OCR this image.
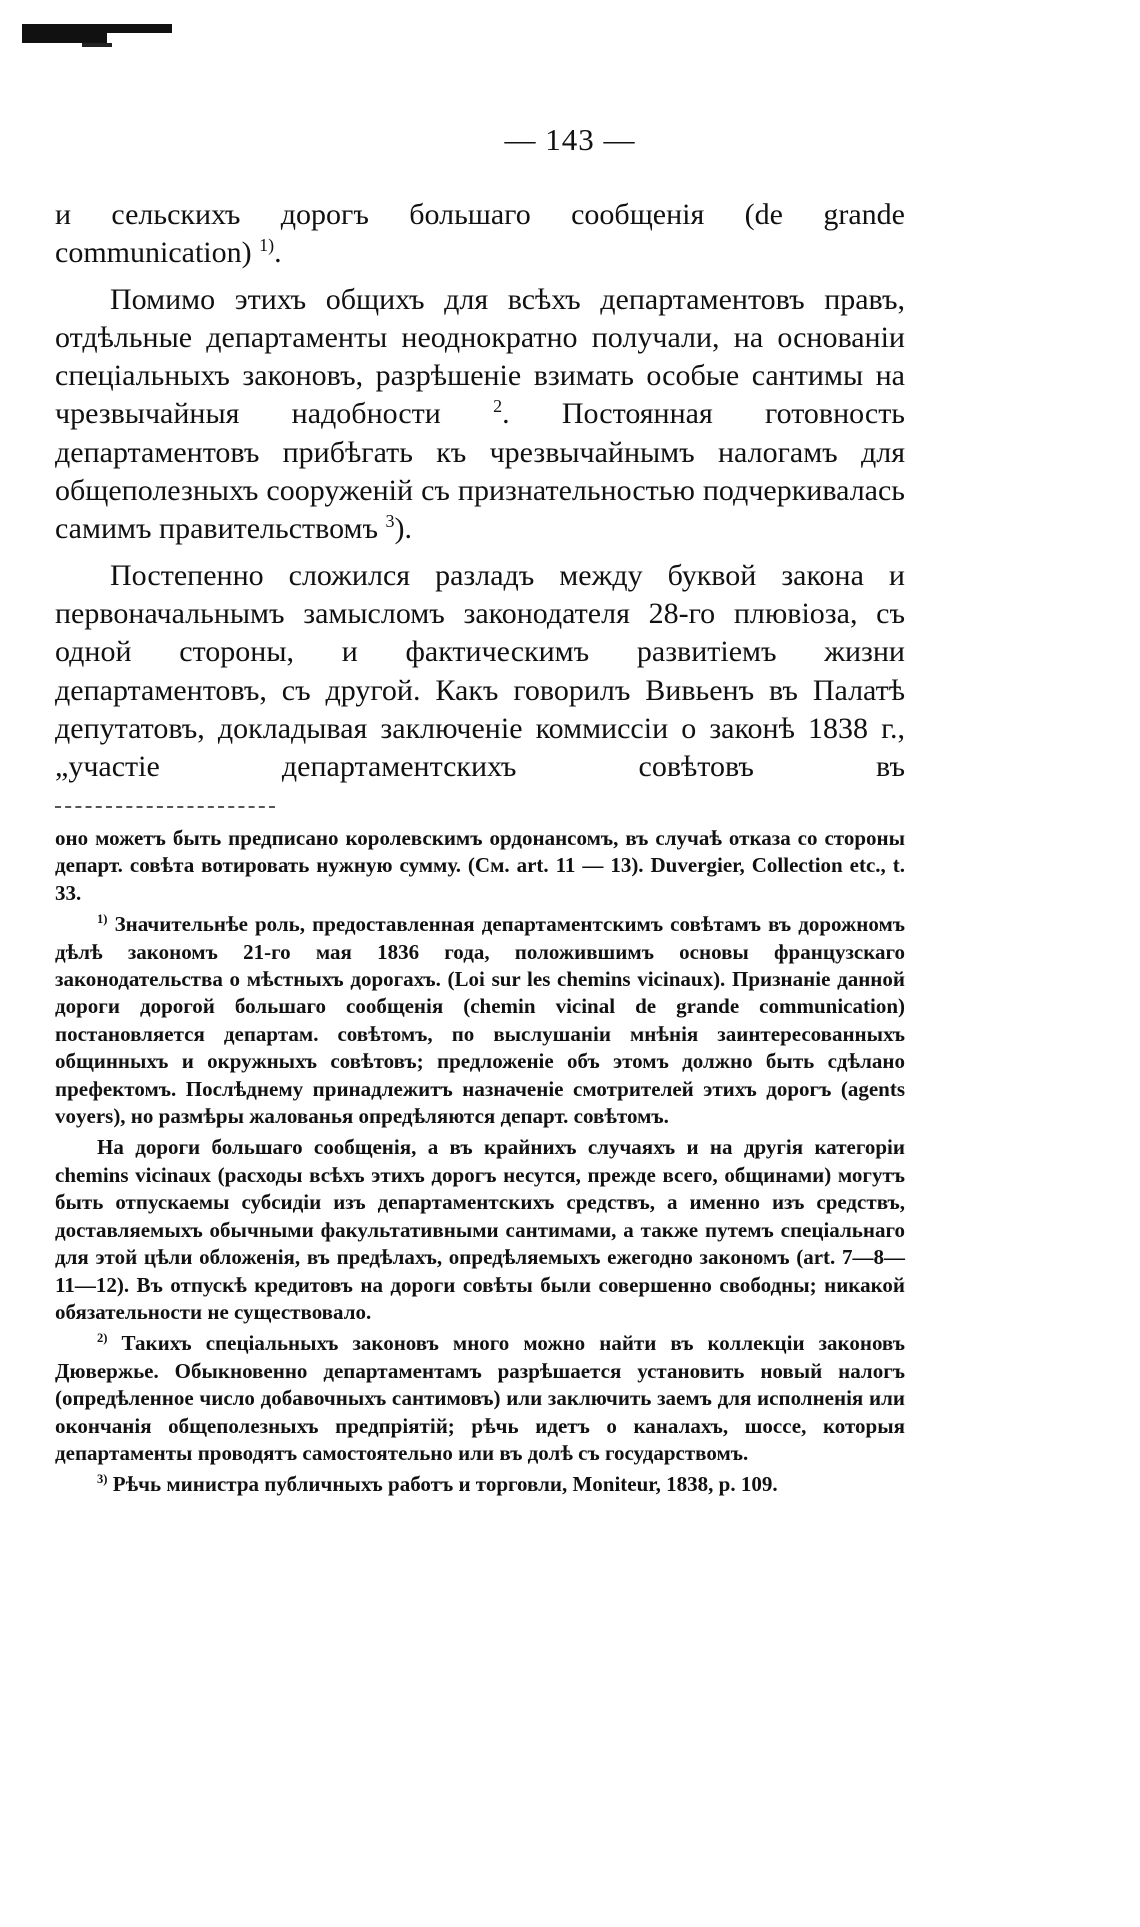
— 143 —

и сельскихъ дорогъ большаго сообщенія (de grande communication) $^{1)}$.

Помимо этихъ общихъ для всѣхъ департаментовъ правъ, отдѣльные департаменты неоднократно получали, на основаніи спеціальныхъ законовъ, разрѣшеніе взимать особые сантимы на чрезвычайныя надобности	$^2$. Постоянная готовность департаментовъ прибѣгать къ чрезвычайнымъ налогамъ для общеполезныхъ сооруженій съ признательностью подчеркивалась самимъ правительствомъ $^3$).

Постепенно сложился разладъ между буквой закона и первоначальнымъ замысломъ законодателя 28-го плювіоза, съ одной стороны, и фактическимъ развитіемъ жизни департаментовъ, съ другой. Какъ говорилъ Вивьенъ въ Палатѣ депутатовъ, докладывая заключеніе коммиссіи о законѣ 1838 г., „участіе департаментскихъ совѣтовъ въ

оно можетъ быть предписано королевскимъ ордонансомъ, въ случаѣ отказа со стороны департ. совѣта вотировать нужную сумму. (См. art. 11 — 13). Duvergier, Collection etc., t. 33.

$^{1)}$ Значительнѣе роль, предоставленная департаментскимъ совѣтамъ въ дорожномъ дѣлѣ закономъ 21-го мая 1836 года, положившимъ основы французскаго законодательства о мѣстныхъ дорогахъ. (Loi sur les chemins vicinaux). Признаніе данной дороги дорогой большаго сообщенія (chemin vicinal de grande communication) постановляется департам. совѣтомъ, по выслушаніи мнѣнія заинтересованныхъ общинныхъ и окружныхъ совѣтовъ; предложеніе объ этомъ должно быть сдѣлано префектомъ. Послѣднему принадлежитъ назначеніе смотрителей этихъ дорогъ (agents voyers), но размѣры жалованья опредѣляются департ. совѣтомъ.

На дороги большаго сообщенія, а въ крайнихъ случаяхъ и на другія категоріи chemins vicinaux (расходы всѣхъ этихъ дорогъ несутся, прежде всего, общинами) могутъ быть отпускаемы субсидіи изъ департаментскихъ средствъ, а именно изъ средствъ, доставляемыхъ обычными факультативными сантимами, а также путемъ спеціальнаго для этой цѣли обложенія, въ предѣлахъ, опредѣляемыхъ ежегодно закономъ (art. 7—8—11—12). Въ отпускѣ кредитовъ на дороги совѣты были совершенно свободны; никакой обязательности не существовало.

$^{2)}$ Такихъ спеціальныхъ законовъ много можно найти въ коллекціи законовъ Дювержье. Обыкновенно департаментамъ разрѣшается установить новый налогъ (опредѣленное число добавочныхъ сантимовъ) или заключить заемъ для исполненія или окончанія общеполезныхъ предпріятій; рѣчь идетъ о каналахъ, шоссе, которыя департаменты проводятъ самостоятельно или въ долѣ съ государствомъ.

$^{3)}$ Рѣчь министра публичныхъ работъ и торговли, Moniteur, 1838, p. 109.
